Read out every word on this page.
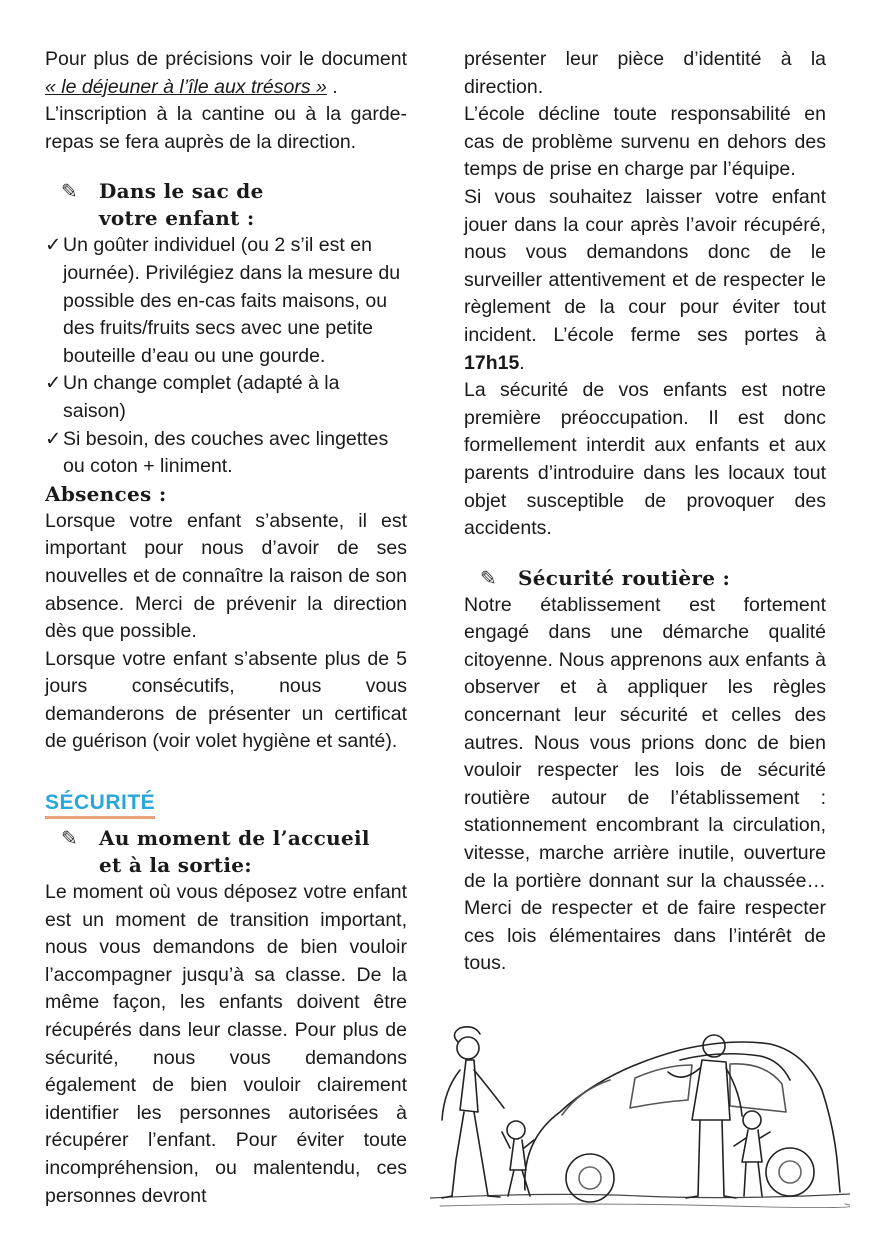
Pour plus de précisions voir le document « le déjeuner à l’île aux trésors » .

L’inscription à la cantine ou à la garde-repas se fera auprès de la direction.

✎	Dans le sac de
votre enfant :
✓ Un goûter individuel (ou 2 s’il est en journée). Privilégiez dans la mesure du possible des en-cas faits maisons, ou des fruits/fruits secs avec une petite bouteille d’eau ou une gourde.
✓ Un change complet (adapté à la saison)
✓ Si besoin, des couches avec lingettes ou coton + liniment.
Absences :

Lorsque votre enfant s’absente, il est important pour nous d’avoir de ses nouvelles et de connaître la raison de son absence. Merci de prévenir la direction dès que possible.

Lorsque votre enfant s’absente plus de 5 jours consécutifs, nous vous demanderons de présenter un certificat de guérison (voir volet hygiène et santé).

SÉCURITÉ
✎	Au moment de l’accueil
et à la sortie:

Le moment où vous déposez votre enfant est un moment de transition important, nous vous demandons de bien vouloir l’accompagner jusqu’à sa classe. De la même façon, les enfants doivent être récupérés dans leur classe. Pour plus de sécurité, nous vous demandons également de bien vouloir clairement identifier les personnes autorisées à récupérer l’enfant. Pour éviter toute incompréhension, ou malentendu, ces personnes devront

présenter leur pièce d’identité à la direction.

L’école décline toute responsabilité en cas de problème survenu en dehors des temps de prise en charge par l’équipe.

Si vous souhaitez laisser votre enfant jouer dans la cour après l’avoir récupéré, nous vous demandons donc de le surveiller attentivement et de respecter le règlement de la cour pour éviter tout incident. L’école ferme ses portes à 17h15.

La sécurité de vos enfants est notre première préoccupation. Il est donc formellement interdit aux enfants et aux parents d’introduire dans les locaux tout objet susceptible de provoquer des accidents.

✎	Sécurité routière :

Notre établissement est fortement engagé dans une démarche qualité citoyenne. Nous apprenons aux enfants à observer et à appliquer les règles concernant leur sécurité et celles des autres. Nous vous prions donc de bien vouloir respecter les lois de sécurité routière autour de l’établissement : stationnement encombrant la circulation, vitesse, marche arrière inutile, ouverture de la portière donnant sur la chaussée… Merci de respecter et de faire respecter ces lois élémentaires dans l’intérêt de tous.
